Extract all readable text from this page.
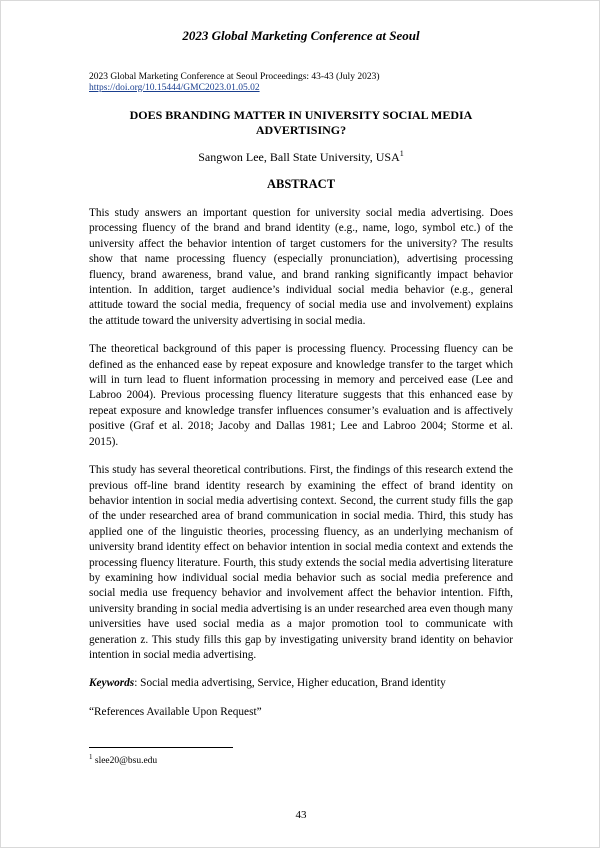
2023 Global Marketing Conference at Seoul
2023 Global Marketing Conference at Seoul Proceedings: 43-43 (July 2023)
https://doi.org/10.15444/GMC2023.01.05.02
DOES BRANDING MATTER IN UNIVERSITY SOCIAL MEDIA
ADVERTISING?
Sangwon Lee, Ball State University, USA$^1$
ABSTRACT

This study answers an important question for university social media advertising. Does processing fluency of the brand and brand identity (e.g., name, logo, symbol etc.) of the university affect the behavior intention of target customers for the university? The results show that name processing fluency (especially pronunciation), advertising processing fluency, brand awareness, brand value, and brand ranking significantly impact behavior intention. In addition, target audience’s individual social media behavior (e.g., general attitude toward the social media, frequency of social media use and involvement) explains the attitude toward the university advertising in social media.

The theoretical background of this paper is processing fluency. Processing fluency can be defined as the enhanced ease by repeat exposure and knowledge transfer to the target which will in turn lead to fluent information processing in memory and perceived ease (Lee and Labroo 2004). Previous processing fluency literature suggests that this enhanced ease by repeat exposure and knowledge transfer influences consumer’s evaluation and is affectively positive (Graf et al. 2018; Jacoby and Dallas 1981; Lee and Labroo 2004; Storme et al. 2015).

This study has several theoretical contributions. First, the findings of this research extend the previous off-line brand identity research by examining the effect of brand identity on behavior intention in social media advertising context. Second, the current study fills the gap of the under researched area of brand communication in social media. Third, this study has applied one of the linguistic theories, processing fluency, as an underlying mechanism of university brand identity effect on behavior intention in social media context and extends the processing fluency literature. Fourth, this study extends the social media advertising literature by examining how individual social media behavior such as social media preference and social media use frequency behavior and involvement affect the behavior intention. Fifth, university branding in social media advertising is an under researched area even though many universities have used social media as a major promotion tool to communicate with generation z. This study fills this gap by investigating university brand identity on behavior intention in social media advertising.

Keywords: Social media advertising, Service, Higher education, Brand identity

“References Available Upon Request”

$^1$ slee20@bsu.edu
43
